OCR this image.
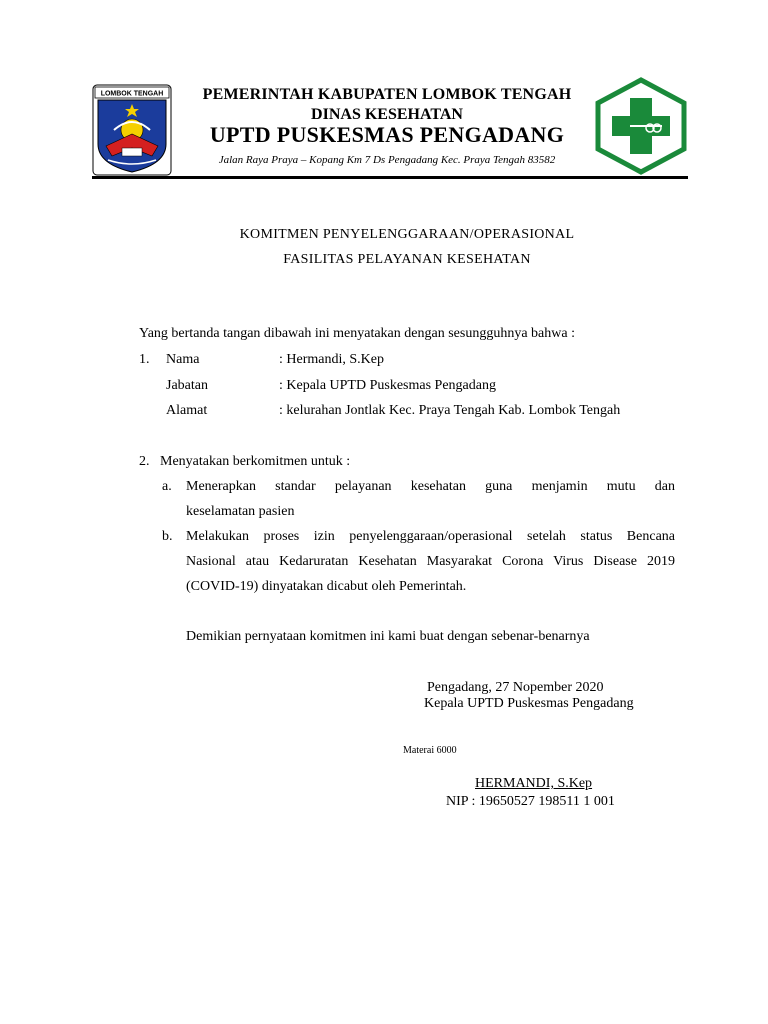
LOMBOK TENGAH	PEMERINTAH KABUPATEN LOMBOK TENGAH
DINAS KESEHATAN
UPTD PUSKESMAS PENGADANG
Jalan Raya Praya – Kopang Km 7 Ds Pengadang Kec. Praya Tengah 83582
KOMITMEN PENYELENGGARAAN/OPERASIONAL
FASILITAS PELAYANAN KESEHATAN
Yang bertanda tangan dibawah ini menyatakan dengan sesungguhnya bahwa :
1. Nama	: Hermandi, S.Kep
Jabatan	: Kepala UPTD Puskesmas Pengadang
Alamat	: kelurahan Jontlak Kec. Praya Tengah Kab. Lombok Tengah
2.   Menyatakan berkomitmen untuk :
a. Menerapkan standar pelayanan kesehatan guna menjamin mutu dan
keselamatan pasien
b. Melakukan proses izin penyelenggaraan/operasional setelah status Bencana
Nasional atau Kedaruratan Kesehatan Masyarakat Corona Virus Disease 2019
(COVID-19) dinyatakan dicabut oleh Pemerintah.
Demikian pernyataan komitmen ini kami buat dengan sebenar-benarnya
Pengadang, 27 Nopember 2020
Kepala UPTD Puskesmas Pengadang
Materai 6000
HERMANDI, S.Kep
NIP : 19650527 198511 1 001
